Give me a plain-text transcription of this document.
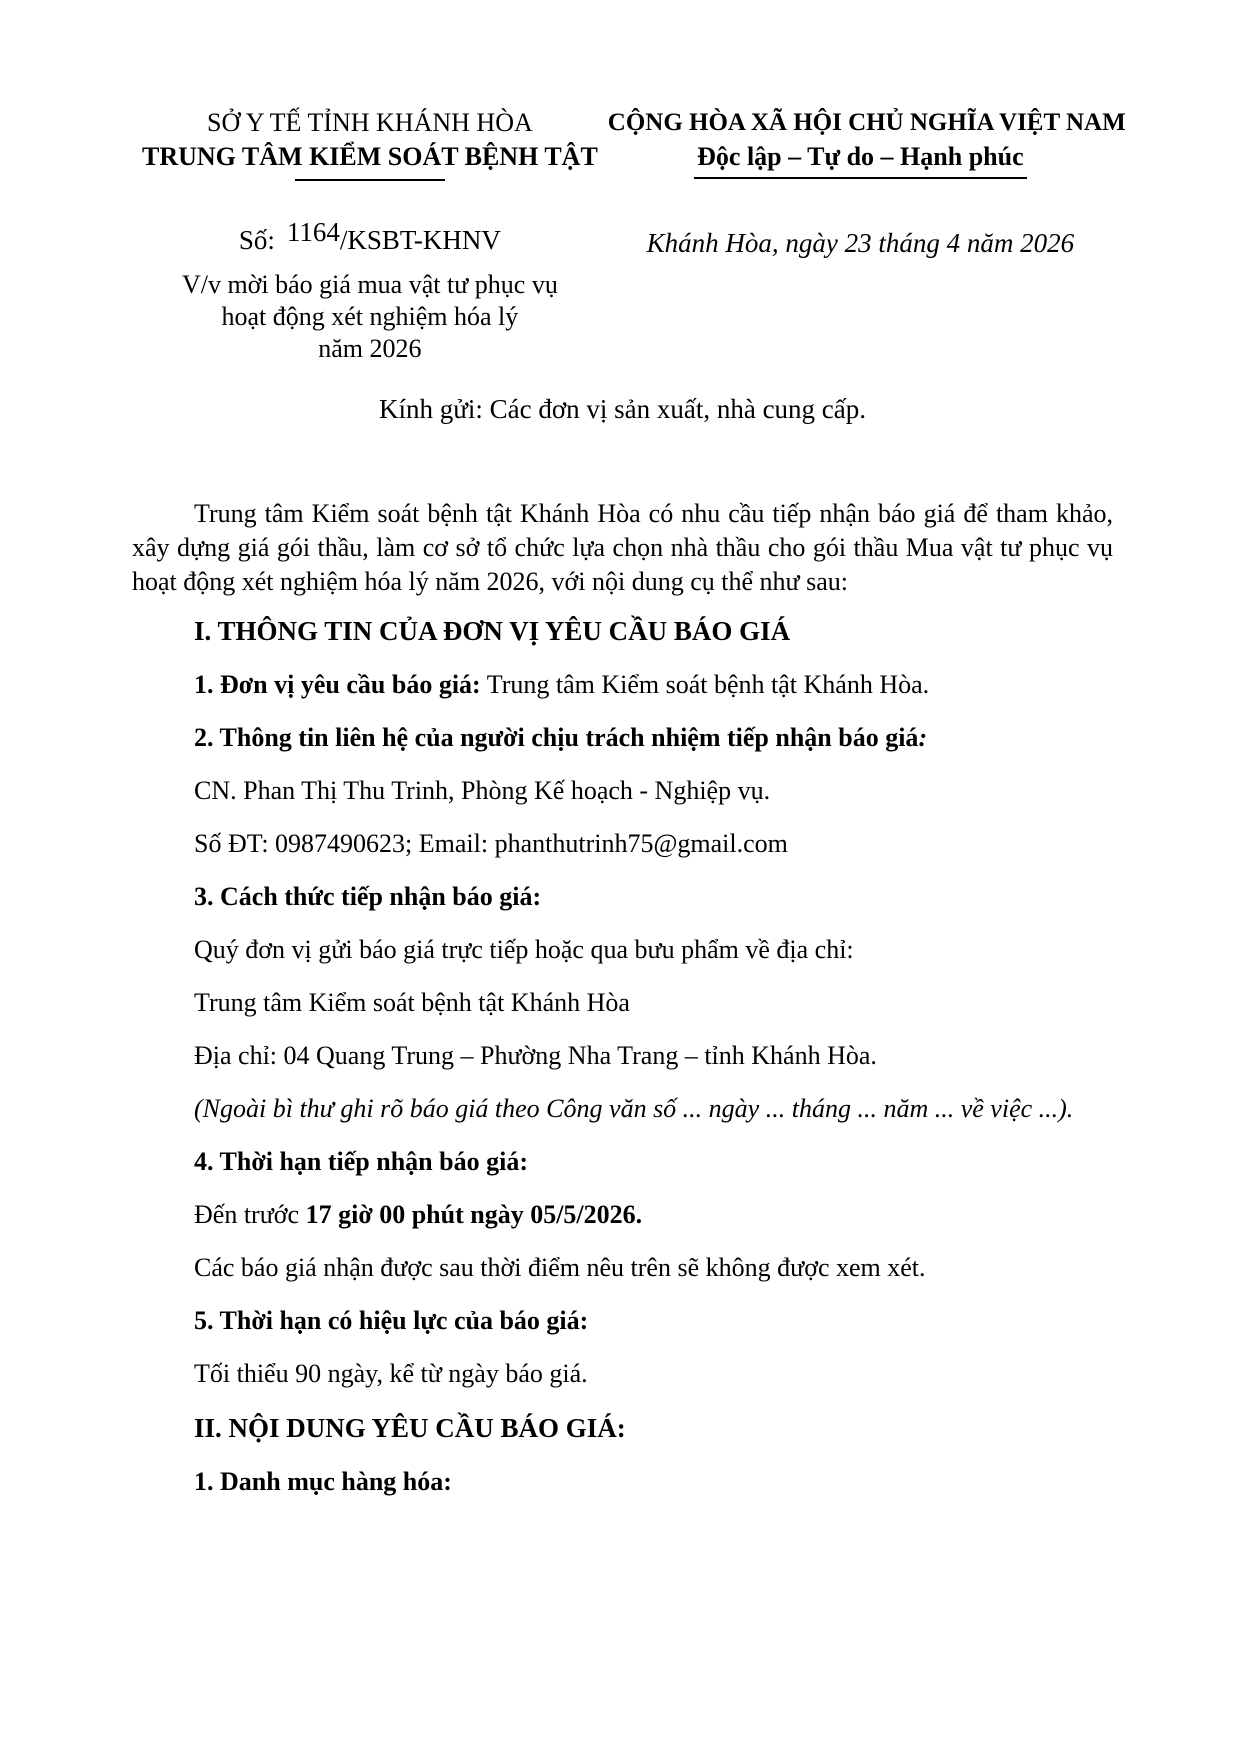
SỞ Y TẾ TỈNH KHÁNH HÒA
TRUNG TÂM KIỂM SOÁT BỆNH TẬT
Số: 1164/KSBT-KHNV
V/v mời báo giá mua vật tư phục vụ
hoạt động xét nghiệm hóa lý
năm 2026
CỘNG HÒA XÃ HỘI CHỦ NGHĨA VIỆT NAM
Độc lập – Tự do – Hạnh phúc
Khánh Hòa, ngày 23 tháng 4 năm 2026

Kính gửi: Các đơn vị sản xuất, nhà cung cấp.

Trung tâm Kiểm soát bệnh tật Khánh Hòa có nhu cầu tiếp nhận báo giá để tham khảo, xây dựng giá gói thầu, làm cơ sở tổ chức lựa chọn nhà thầu cho gói thầu Mua vật tư phục vụ hoạt động xét nghiệm hóa lý năm 2026, với nội dung cụ thể như sau:

I. THÔNG TIN CỦA ĐƠN VỊ YÊU CẦU BÁO GIÁ

1. Đơn vị yêu cầu báo giá: Trung tâm Kiểm soát bệnh tật Khánh Hòa.

2. Thông tin liên hệ của người chịu trách nhiệm tiếp nhận báo giá:

CN. Phan Thị Thu Trinh, Phòng Kế hoạch - Nghiệp vụ.

Số ĐT: 0987490623; Email: phanthutrinh75@gmail.com

3. Cách thức tiếp nhận báo giá:

Quý đơn vị gửi báo giá trực tiếp hoặc qua bưu phẩm về địa chỉ:

Trung tâm Kiểm soát bệnh tật Khánh Hòa

Địa chỉ: 04 Quang Trung – Phường Nha Trang – tỉnh Khánh Hòa.

(Ngoài bì thư ghi rõ báo giá theo Công văn số ... ngày ... tháng ... năm ... về việc ...).

4. Thời hạn tiếp nhận báo giá:

Đến trước 17 giờ 00 phút ngày 05/5/2026.

Các báo giá nhận được sau thời điểm nêu trên sẽ không được xem xét.

5. Thời hạn có hiệu lực của báo giá:

Tối thiểu 90 ngày, kể từ ngày báo giá.

II. NỘI DUNG YÊU CẦU BÁO GIÁ:

1. Danh mục hàng hóa:
